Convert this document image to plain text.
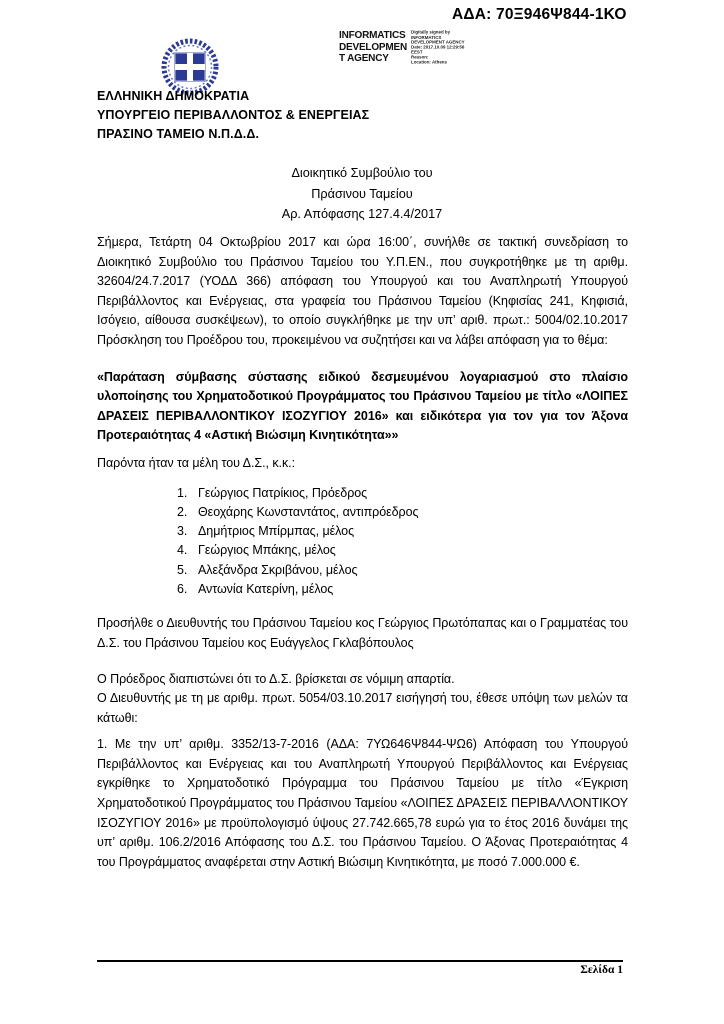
ΑΔΑ: 70Ξ946Ψ844-1ΚΟ
INFORMATICS
DEVELOPMEN
T AGENCY
Digitally signed by
INFORMATICS
DEVELOPMENT AGENCY
Date: 2017.10.09 12:29:56
EEST
Reason:
Location: Athens
ΕΛΛΗΝΙΚΗ ΔΗΜΟΚΡΑΤΙΑ
ΥΠΟΥΡΓΕΙΟ ΠΕΡΙΒΑΛΛΟΝΤΟΣ & ΕΝΕΡΓΕΙΑΣ
ΠΡΑΣΙΝΟ ΤΑΜΕΙΟ Ν.Π.Δ.Δ.
Διοικητικό Συμβούλιο του
Πράσινου Ταμείου
Αρ. Απόφασης 127.4.4/2017

Σήμερα, Τετάρτη 04 Οκτωβρίου 2017 και ώρα 16:00΄, συνήλθε σε τακτική συνεδρίαση το Διοικητικό Συμβούλιο του Πράσινου Ταμείου του Υ.Π.ΕΝ., που συγκροτήθηκε με τη αριθμ. 32604/24.7.2017 (ΥΟΔΔ 366) απόφαση του Υπουργού και του Αναπληρωτή Υπουργού Περιβάλλοντος και Ενέργειας, στα γραφεία του Πράσινου Ταμείου (Κηφισίας 241, Κηφισιά, Ισόγειο, αίθουσα συσκέψεων), το οποίο συγκλήθηκε με την υπ’ αριθ. πρωτ.: 5004/02.10.2017 Πρόσκληση του Προέδρου του, προκειμένου να συζητήσει και να λάβει απόφαση για το θέμα:

«Παράταση σύμβασης σύστασης ειδικού δεσμευμένου λογαριασμού στο πλαίσιο υλοποίησης του Χρηματοδοτικού Προγράμματος του Πράσινου Ταμείου με τίτλο «ΛΟΙΠΕΣ ΔΡΑΣΕΙΣ ΠΕΡΙΒΑΛΛΟΝΤΙΚΟΥ ΙΣΟΖΥΓΙΟΥ 2016» και ειδικότερα για τον για τον Άξονα Προτεραιότητας 4 «Αστική Βιώσιμη Κινητικότητα»»

Παρόντα ήταν τα μέλη του Δ.Σ., κ.κ.:

1. Γεώργιος Πατρίκιος, Πρόεδρος
2. Θεοχάρης Κωνσταντάτος, αντιπρόεδρος
3. Δημήτριος Μπίρμπας, μέλος
4. Γεώργιος Μπάκης, μέλος
5. Αλεξάνδρα Σκριβάνου, μέλος
6. Αντωνία Κατερίνη, μέλος

Προσήλθε ο Διευθυντής του Πράσινου Ταμείου κος Γεώργιος Πρωτόπαπας και ο Γραμματέας του Δ.Σ. του Πράσινου Ταμείου κος Ευάγγελος Γκλαβόπουλος

Ο Πρόεδρος διαπιστώνει ότι το Δ.Σ. βρίσκεται σε νόμιμη απαρτία.

Ο Διευθυντής με τη με αριθμ. πρωτ. 5054/03.10.2017 εισήγησή του, έθεσε υπόψη των μελών τα κάτωθι:

1. Με την υπ’ αριθμ. 3352/13-7-2016 (ΑΔΑ: 7ΥΩ646Ψ844-ΨΩ6) Απόφαση του Υπουργού Περιβάλλοντος και Ενέργειας και του Αναπληρωτή Υπουργού Περιβάλλοντος και Ενέργειας εγκρίθηκε το Χρηματοδοτικό Πρόγραμμα του Πράσινου Ταμείου με τίτλο «Έγκριση Χρηματοδοτικού Προγράμματος του Πράσινου Ταμείου «ΛΟΙΠΕΣ ΔΡΑΣΕΙΣ ΠΕΡΙΒΑΛΛΟΝΤΙΚΟΥ ΙΣΟΖΥΓΙΟΥ 2016» με προϋπολογισμό ύψους 27.742.665,78 ευρώ για το έτος 2016 δυνάμει της υπ’ αριθμ. 106.2/2016 Απόφασης του Δ.Σ. του Πράσινου Ταμείου. Ο Άξονας Προτεραιότητας 4 του Προγράμματος αναφέρεται στην Αστική Βιώσιμη Κινητικότητα, με ποσό 7.000.000 €.

Σελίδα 1
